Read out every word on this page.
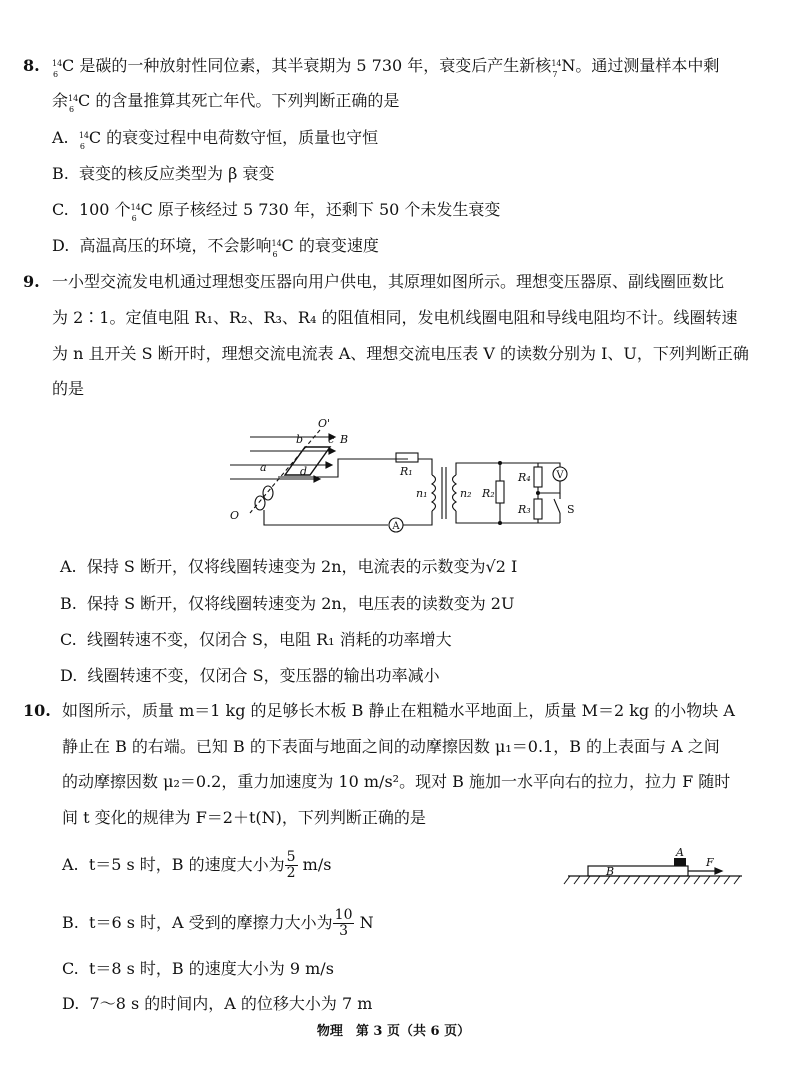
8. 14
6 C 是碳的一种放射性同位素，其半衰期为 5 730 年，衰变后产生新核 14
7 N。通过测量样本中剩
余 14
6 C 的含量推算其死亡年代。下列判断正确的是
A. 14
6 C 的衰变过程中电荷数守恒，质量也守恒
B. 衰变的核反应类型为 β 衰变
C. 100 个 14
6 C 原子核经过 5 730 年，还剩下 50 个未发生衰变
D. 高温高压的环境，不会影响 14
6 C 的衰变速度
9. 一小型交流发电机通过理想变压器向用户供电，其原理如图所示。理想变压器原、副线圈匝数比
为 2∶1。定值电阻 R₁、R₂、R₃、R₄ 的阻值相同，发电机线圈电阻和导线电阻均不计。线圈转速
为 n 且开关 S 断开时，理想交流电流表 A、理想交流电压表 V 的读数分别为 I、U，下列判断正确
的是
O'
b c B
a	d
O
R₁
n₁	n₂ R₂
R₄
R₃	S
V
A
A. 保持 S 断开，仅将线圈转速变为 2n，电流表的示数变为√2 I
B. 保持 S 断开，仅将线圈转速变为 2n，电压表的读数变为 2U
C. 线圈转速不变，仅闭合 S，电阻 R₁ 消耗的功率增大
D. 线圈转速不变，仅闭合 S，变压器的输出功率减小
10. 如图所示，质量 m＝1 kg 的足够长木板 B 静止在粗糙水平地面上，质量 M＝2 kg 的小物块 A
静止在 B 的右端。已知 B 的下表面与地面之间的动摩擦因数 μ₁＝0.1，B 的上表面与 A 之间
的动摩擦因数 μ₂＝0.2，重力加速度为 10 m/s²。现对 B 施加一水平向右的拉力，拉力 F 随时
间 t 变化的规律为 F＝2＋t(N)，下列判断正确的是
A. t＝5 s 时，B 的速度大小为 $\frac{5}{2} m/s$
B. t＝6 s 时，A 受到的摩擦力大小为 $\frac{10}{3}$ N
C. t＝8 s 时，B 的速度大小为 9 m/s
D. 7～8 s 的时间内，A 的位移大小为 7 m
A
B
F
物理　第 3 页（共 6 页）
